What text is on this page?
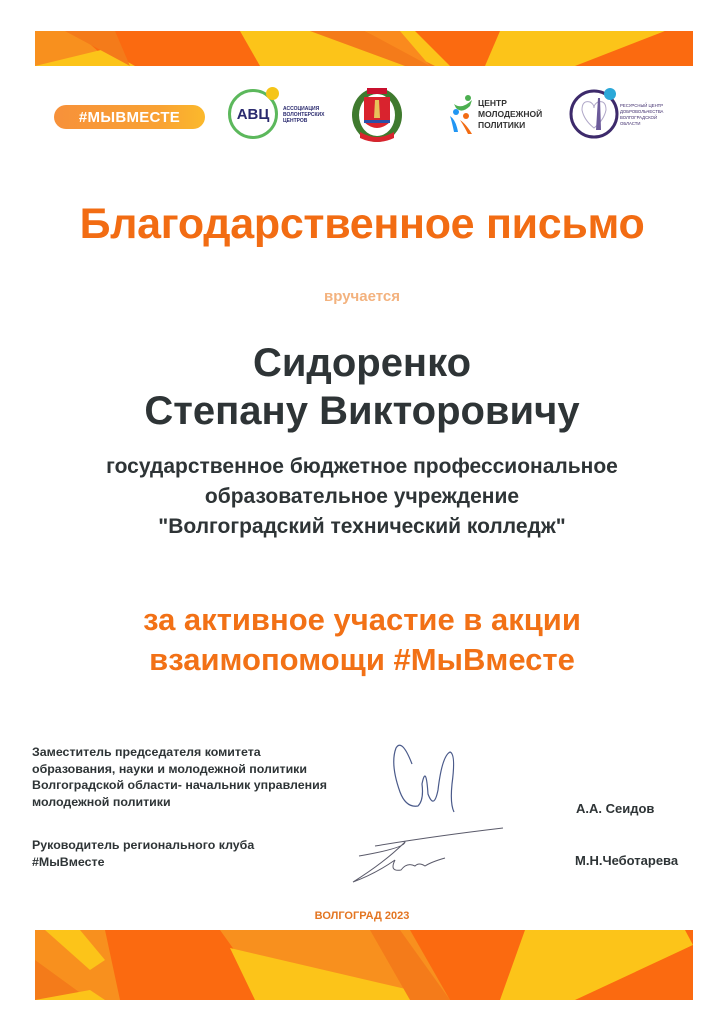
#МЫВМЕСТЕ	АВЦ	АССОЦИАЦИЯ ВОЛОНТЕРСКИХ ЦЕНТРОВ
ЦЕНТР
МОЛОДЕЖНОЙ
ПОЛИТИКИ
РЕСУРСНЫЙ ЦЕНТР
ДОБРОВОЛЬЧЕСТВА
ВОЛГОГРАДСКОЙ
ОБЛАСТИ
Благодарственное письмо
вручается
Сидоренко
Степану Викторовичу
государственное бюджетное профессиональное
образовательное учреждение
"Волгоградский технический колледж"
за активное участие в акции
взаимопомощи #МыВместе
Заместитель председателя комитета
образования, науки и молодежной политики
Волгоградской области- начальник управления
молодежной политики	А.А. Сеидов
Руководитель регионального клуба
#МыВместе	М.Н.Чеботарева
ВОЛГОГРАД 2023
